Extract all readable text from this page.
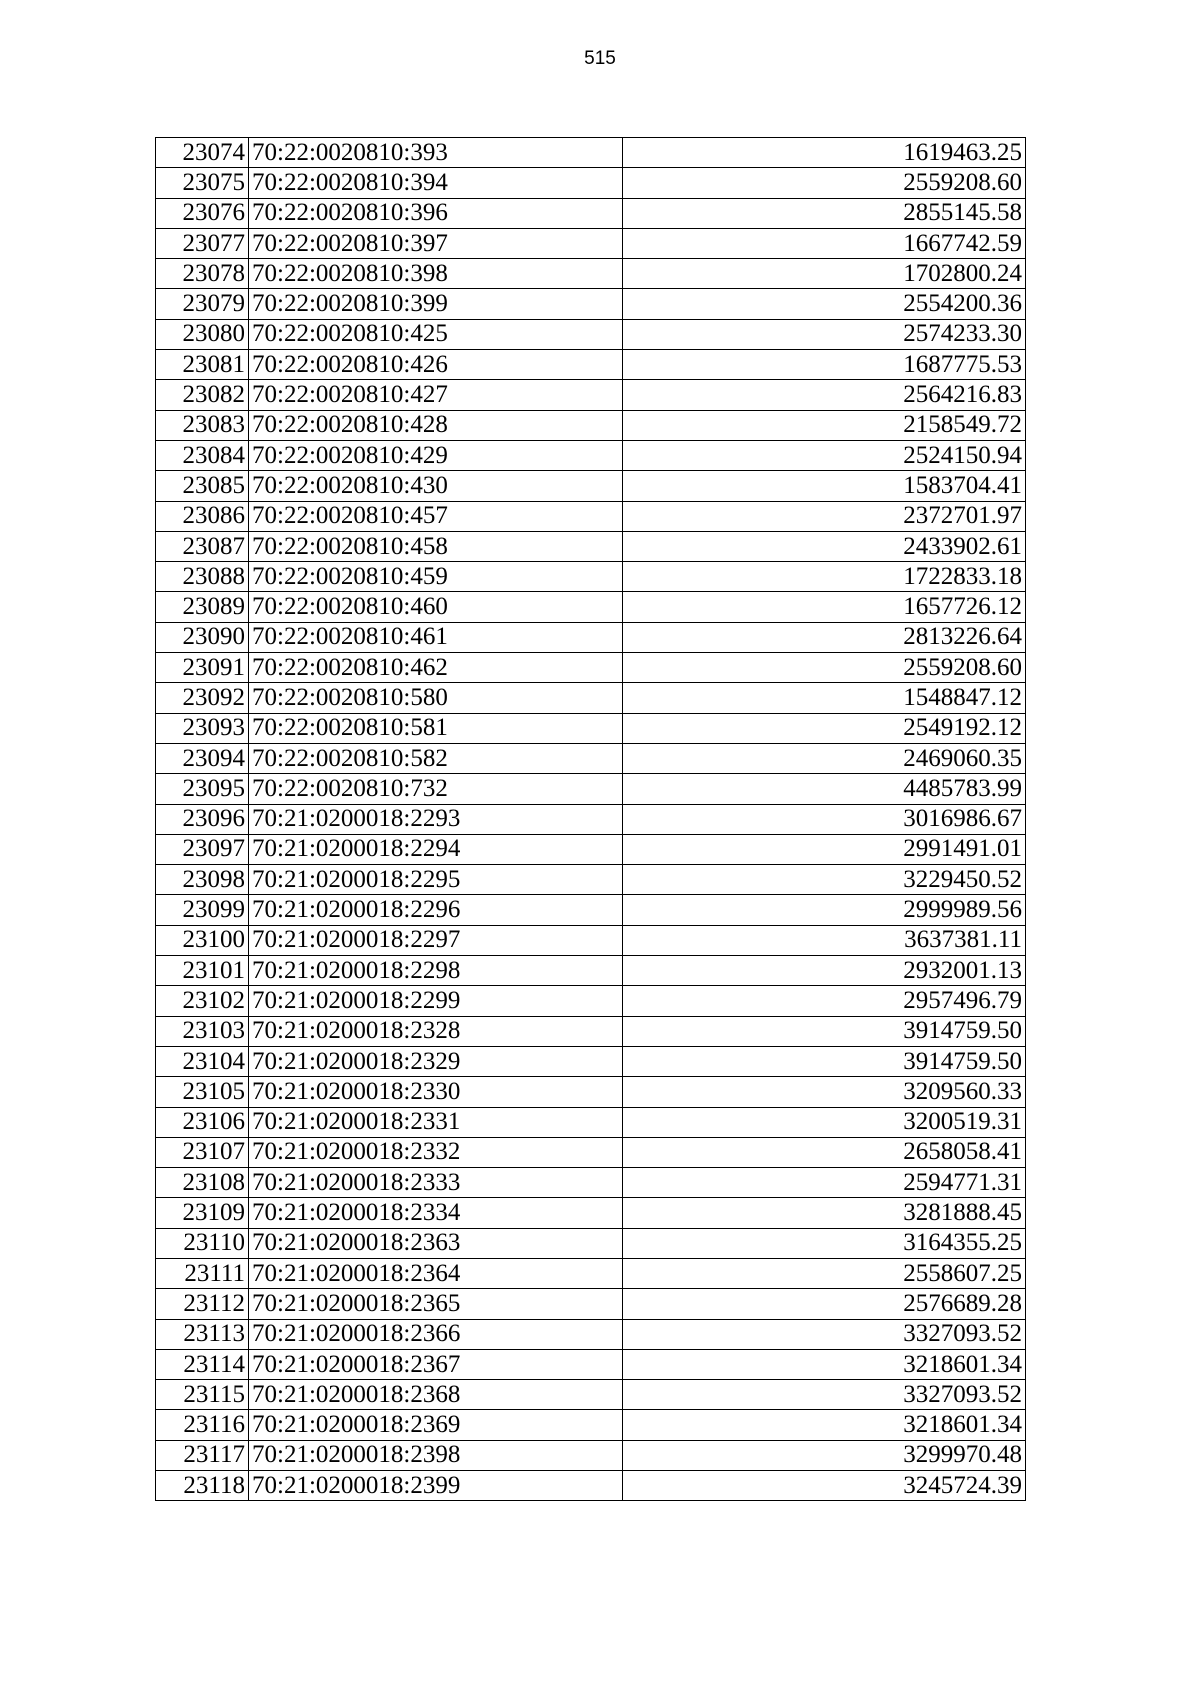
515
23074	70:22:0020810:393	1619463.25
23075	70:22:0020810:394	2559208.60
23076	70:22:0020810:396	2855145.58
23077	70:22:0020810:397	1667742.59
23078	70:22:0020810:398	1702800.24
23079	70:22:0020810:399	2554200.36
23080	70:22:0020810:425	2574233.30
23081	70:22:0020810:426	1687775.53
23082	70:22:0020810:427	2564216.83
23083	70:22:0020810:428	2158549.72
23084	70:22:0020810:429	2524150.94
23085	70:22:0020810:430	1583704.41
23086	70:22:0020810:457	2372701.97
23087	70:22:0020810:458	2433902.61
23088	70:22:0020810:459	1722833.18
23089	70:22:0020810:460	1657726.12
23090	70:22:0020810:461	2813226.64
23091	70:22:0020810:462	2559208.60
23092	70:22:0020810:580	1548847.12
23093	70:22:0020810:581	2549192.12
23094	70:22:0020810:582	2469060.35
23095	70:22:0020810:732	4485783.99
23096	70:21:0200018:2293	3016986.67
23097	70:21:0200018:2294	2991491.01
23098	70:21:0200018:2295	3229450.52
23099	70:21:0200018:2296	2999989.56
23100	70:21:0200018:2297	3637381.11
23101	70:21:0200018:2298	2932001.13
23102	70:21:0200018:2299	2957496.79
23103	70:21:0200018:2328	3914759.50
23104	70:21:0200018:2329	3914759.50
23105	70:21:0200018:2330	3209560.33
23106	70:21:0200018:2331	3200519.31
23107	70:21:0200018:2332	2658058.41
23108	70:21:0200018:2333	2594771.31
23109	70:21:0200018:2334	3281888.45
23110	70:21:0200018:2363	3164355.25
23111	70:21:0200018:2364	2558607.25
23112	70:21:0200018:2365	2576689.28
23113	70:21:0200018:2366	3327093.52
23114	70:21:0200018:2367	3218601.34
23115	70:21:0200018:2368	3327093.52
23116	70:21:0200018:2369	3218601.34
23117	70:21:0200018:2398	3299970.48
23118	70:21:0200018:2399	3245724.39
